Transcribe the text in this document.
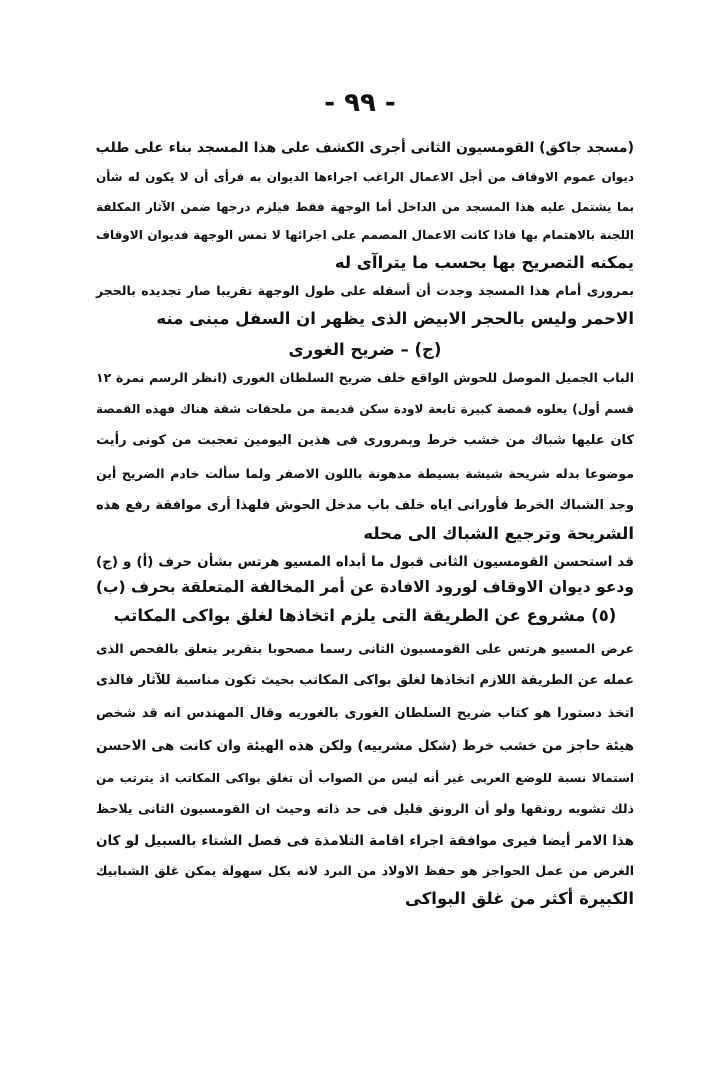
- ٩٩ -
(مسجد جاكق) القومسيون الثانى أجرى الكشف على هذا المسجد بناء على طلب
ديوان عموم الاوقاف من أجل الاعمال الراغب اجراءها الديوان به فرأى أن لا يكون له شأن
بما يشتمل عليه هذا المسجد من الداخل أما الوجهة فقط فيلزم درجها ضمن الآثار المكلفة
اللجنة بالاهتمام بها فاذا كانت الاعمال المصمم على اجرائها لا تمس الوجهة فديوان الاوقاف
يمكنه التصريح بها بحسب ما يتراآى له
بمرورى أمام هذا المسجد وجدت أن أسفله على طول الوجهة تقريبا صار تجديده بالحجر
الاحمر وليس بالحجر الابيض الذى يظهر ان السفل مبنى منه
(ج) – ضريح الغورى
الباب الجميل الموصل للحوش الواقع خلف ضريح السلطان الغورى (انظر الرسم نمرة ١٢
قسم أول) يعلوه قمصة كبيرة تابعة لاودة سكن قديمة من ملحقات شقة هناك فهذه القمصة
كان عليها شباك من خشب خرط وبمرورى فى هذين اليومين تعجبت من كونى رأيت
موضوعا بدله شريحة شيشة بسيطة مدهونة باللون الاصفر ولما سألت خادم الضريح أين
وجد الشباك الخرط فأورانى اياه خلف باب مدخل الحوش فلهذا أرى موافقة رفع هذه
الشريحة وترجيع الشباك الى محله
قد استحسن القومسيون الثانى قبول ما أبداه المسيو هرتس بشأن حرف (أ) و (ج)
ودعو ديوان الاوقاف لورود الافادة عن أمر المخالفة المتعلقة بحرف (ب)
(٥) مشروع عن الطريقة التى يلزم اتخاذها لغلق بواكى المكاتب
عرض المسيو هرتس على القومسيون الثانى رسما مصحوبا بتقرير يتعلق بالفحص الذى
عمله عن الطريقة اللازم اتخاذها لغلق بواكى المكاتب بحيث تكون مناسبة للآثار فالذى
اتخذ دستورا هو كتاب ضريح السلطان الغورى بالغوريه وقال المهندس انه قد شخص
هيئة حاجز من خشب خرط (شكل مشربيه) ولكن هذه الهيئة وان كانت هى الاحسن
استمالا نسبة للوضع العربى غير أنه ليس من الصواب أن تغلق بواكى المكاتب اذ يترتب من
ذلك تشويه رونقها ولو أن الرونق قليل فى حد ذاته وحيث ان القومسيون الثانى يلاحظ
هذا الامر أيضا فيرى موافقة اجراء اقامة التلامذة فى فصل الشتاء بالسبيل لو كان
الغرض من عمل الحواجز هو حفظ الاولاد من البرد لانه بكل سهولة يمكن غلق الشبابيك
الكبيرة أكثر من غلق البواكى
